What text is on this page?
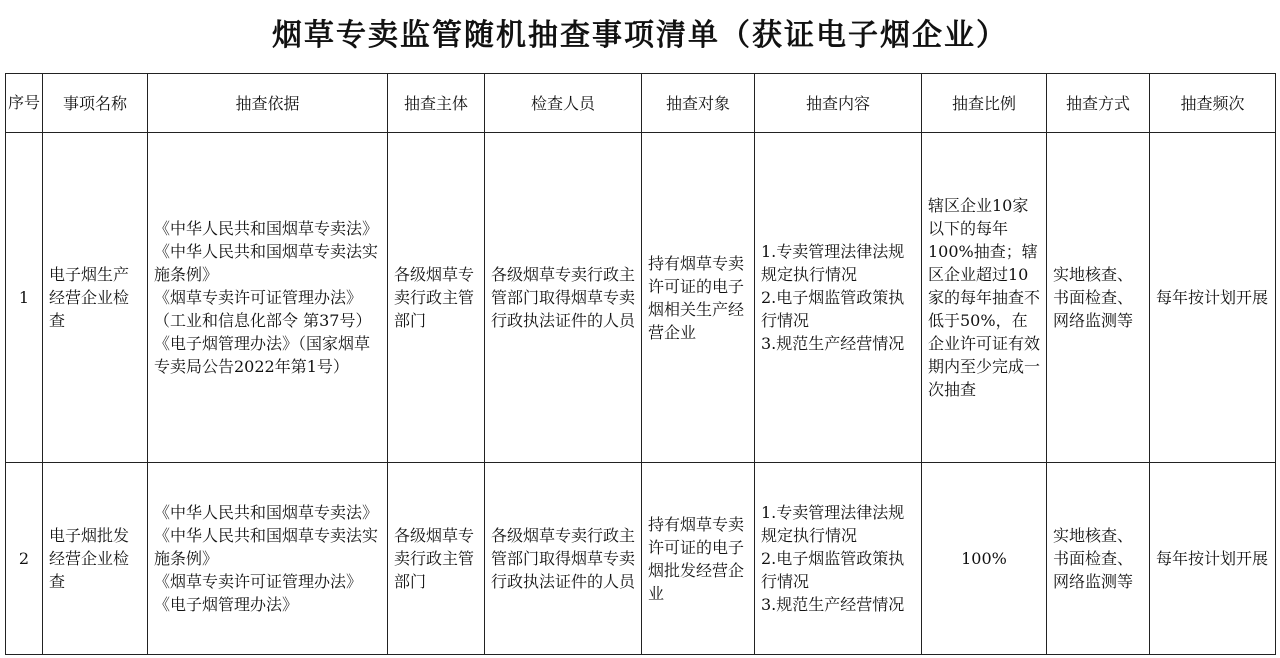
烟草专卖监管随机抽查事项清单（获证电子烟企业）
序号	事项名称	抽查依据	抽查主体	检查人员	抽查对象	抽查内容	抽查比例	抽查方式	抽查频次
1	电子烟生产经营企业检查	《中华人民共和国烟草专卖法》
《中华人民共和国烟草专卖法实施条例》
《烟草专卖许可证管理办法》（工业和信息化部令 第37号）
《电子烟管理办法》（国家烟草专卖局公告2022年第1号）	各级烟草专卖行政主管部门	各级烟草专卖行政主管部门取得烟草专卖行政执法证件的人员	持有烟草专卖许可证的电子烟相关生产经营企业	1.专卖管理法律法规规定执行情况
2.电子烟监管政策执行情况
3.规范生产经营情况	辖区企业10家以下的每年100%抽查；辖区企业超过10家的每年抽查不低于50%，在企业许可证有效期内至少完成一次抽查	实地核查、书面检查、网络监测等	每年按计划开展
2	电子烟批发经营企业检查	《中华人民共和国烟草专卖法》
《中华人民共和国烟草专卖法实施条例》
《烟草专卖许可证管理办法》
《电子烟管理办法》	各级烟草专卖行政主管部门	各级烟草专卖行政主管部门取得烟草专卖行政执法证件的人员	持有烟草专卖许可证的电子烟批发经营企业	1.专卖管理法律法规规定执行情况
2.电子烟监管政策执行情况
3.规范生产经营情况	100%	实地核查、书面检查、网络监测等	每年按计划开展
